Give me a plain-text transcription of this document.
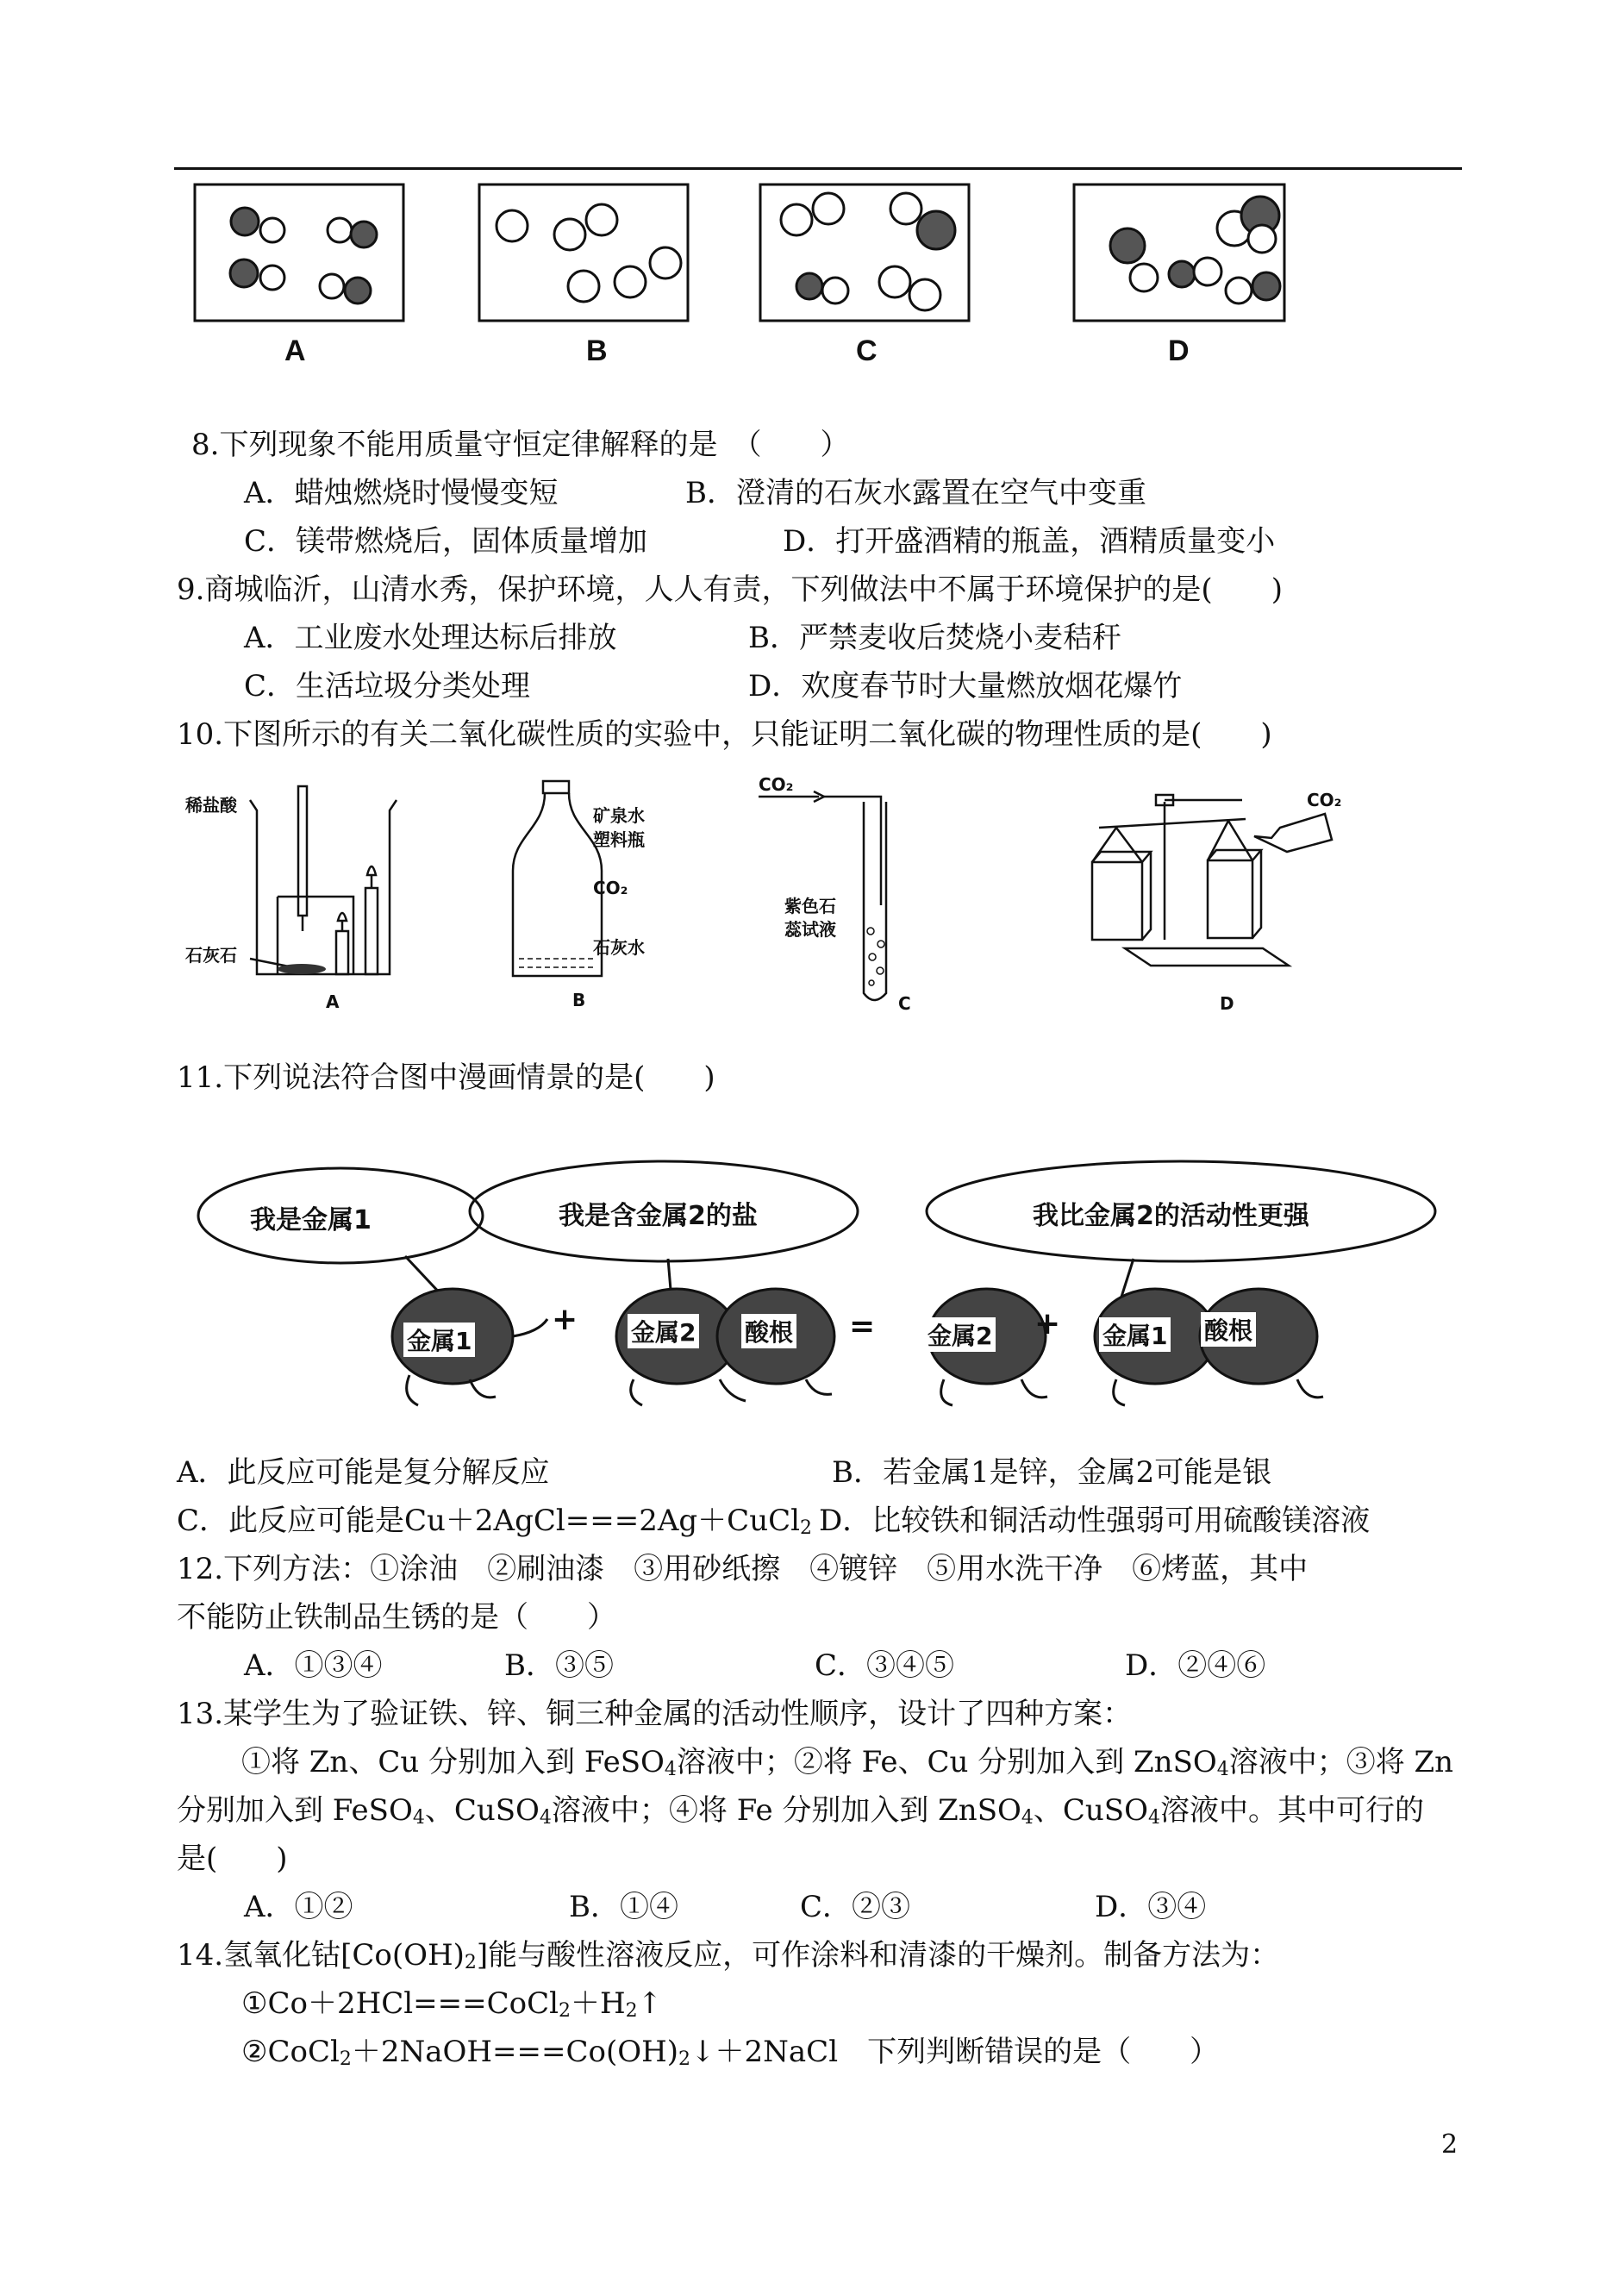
A	B	C	D
8.下列现象不能用质量守恒定律解释的是　（　　）
A．蜡烛燃烧时慢慢变短	B．澄清的石灰水露置在空气中变重
C．镁带燃烧后，固体质量增加	D．打开盛酒精的瓶盖，酒精质量变小
9.商城临沂，山清水秀，保护环境，人人有责，下列做法中不属于环境保护的是(　　)
A．工业废水处理达标后排放	B．严禁麦收后焚烧小麦秸秆
C．生活垃圾分类处理	D．欢度春节时大量燃放烟花爆竹
10.下图所示的有关二氧化碳性质的实验中，只能证明二氧化碳的物理性质的是(　　)
稀盐酸
石灰石
A
矿泉水
塑料瓶
CO₂
石灰水
B
CO₂
紫色石
蕊试液
C
CO₂
D
11.下列说法符合图中漫画情景的是(　　)
我是金属1	我是含金属2的盐	我比金属2的活动性更强
金属1
+ 金属2 酸根 = 金属2 + 金属1 酸根
A．此反应可能是复分解反应	B．若金属1是锌，金属2可能是银
C．此反应可能是Cu＋2AgCl===2Ag＋CuCl$_2$ D．比较铁和铜活动性强弱可用硫酸镁溶液
12.下列方法：①涂油　②刷油漆　③用砂纸擦　④镀锌　⑤用水洗干净　⑥烤蓝，其中
不能防止铁制品生锈的是（　　）
A．①③④	B．③⑤	C．③④⑤	D．②④⑥
13.某学生为了验证铁、锌、铜三种金属的活动性顺序，设计了四种方案：
①将 Zn、Cu 分别加入到 FeSO$_4$溶液中；②将 Fe、Cu 分别加入到 ZnSO$_4$溶液中；③将 Zn
分别加入到 FeSO$_4$、CuSO$_4$溶液中；④将 Fe 分别加入到 ZnSO$_4$、CuSO$_4$溶液中。其中可行的
是(　　)
A．①②	B．①④	C．②③	D．③④
14.氢氧化钴$[Co(OH)_2]$能与酸性溶液反应，可作涂料和清漆的干燥剂。制备方法为：
$①Co+2HCl===CoCl_2+H_2↑$
$②CoCl_2+2NaOH===Co(OH)_2↓+2NaCl$　下列判断错误的是（　　）
2
